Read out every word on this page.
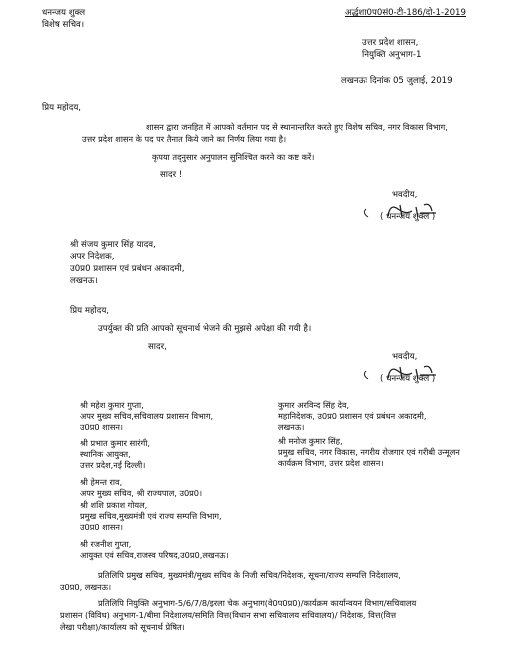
धनन्जय शुक्ल
विशेष सचिव।
अर्द्धशा0प0सं0-टी-186/दो-1-2019
उत्तर प्रदेश शासन,
नियुक्ति अनुभाग-1
लखनऊः दिनांक 05 जुलाई, 2019
प्रिय महोदय,
शासन द्वारा जनहित में आपको वर्तमान पद से स्थानान्तरित करते हुए विशेष सचिव, नगर विकास विभाग,
उत्तर प्रदेश शासन के पद पर तैनात किये जाने का निर्णय लिया गया है।
कृपया तद्नुसार अनुपालन सुनिश्चित करने का कष्ट करें।
सादर !
भवदीय,
( धनन्जय शुक्ल )
श्री संजय कुमार सिंह यादव,
अपर निदेशक,
उ0प्र0 प्रशासन एवं प्रबंधन अकादमी,
लखनऊ।
प्रिय महोदय,
उपर्युक्त की प्रति आपको सूचनार्थ भेजने की मुझसे अपेक्षा की गयी है।
सादर,
भवदीय,
( धनन्जय शुक्ल )
श्री महेश कुमार गुप्ता,
अपर मुख्य सचिव,सचिवालय प्रशासन विभाग,
उ0प्र0 शासन।
श्री प्रभात कुमार सारंगी,
स्थानिक आयुक्त,
उत्तर प्रदेश,नई दिल्ली।
श्री हेमन्त राव,
अपर मुख्य सचिव, श्री राज्यपाल, उ0प्र0।
श्री शशि प्रकाश गोयल,
प्रमुख सचिव,मुख्यमंत्री एवं राज्य सम्पत्ति विभाग,
उ0प्र0 शासन।
श्री रजनीश गुप्ता,
आयुक्त एवं सचिव,राजस्व परिषद,उ0प्र0,लखनऊ।
कुमार अरविन्द सिंह देव,
महानिदेशक, उ0प्र0 प्रशासन एवं प्रबंधन अकादमी,
लखनऊ।
श्री मनोज कुमार सिंह,
प्रमुख सचिव, नगर विकास, नगरीय रोजगार एवं गरीबी उन्मूलन
कार्यक्रम विभाग, उत्तर प्रदेश शासन।
प्रतिलिपि प्रमुख सचिव, मुख्यमंत्री/मुख्य सचिव के निजी सचिव/निदेशक, सूचना/राज्य सम्पत्ति निदेशालय,
उ0प्र0, लखनऊ।
प्रतिलिपि नियुक्ति अनुभाग-5/6/7/8/इरला चेक अनुभाग(वे0प0प्र0)/कार्यक्रम कार्यान्वयन विभाग/सचिवालय
प्रशासन (विविध) अनुभाग-1/बीमा निदेशालय/समिति वित्त(विधान सभा सचिवालय सचिवालय)/ निदेशक, वित्त(वित्त
लेखा परीक्षा)/कार्यालय को सूचनार्थ प्रेषित।
